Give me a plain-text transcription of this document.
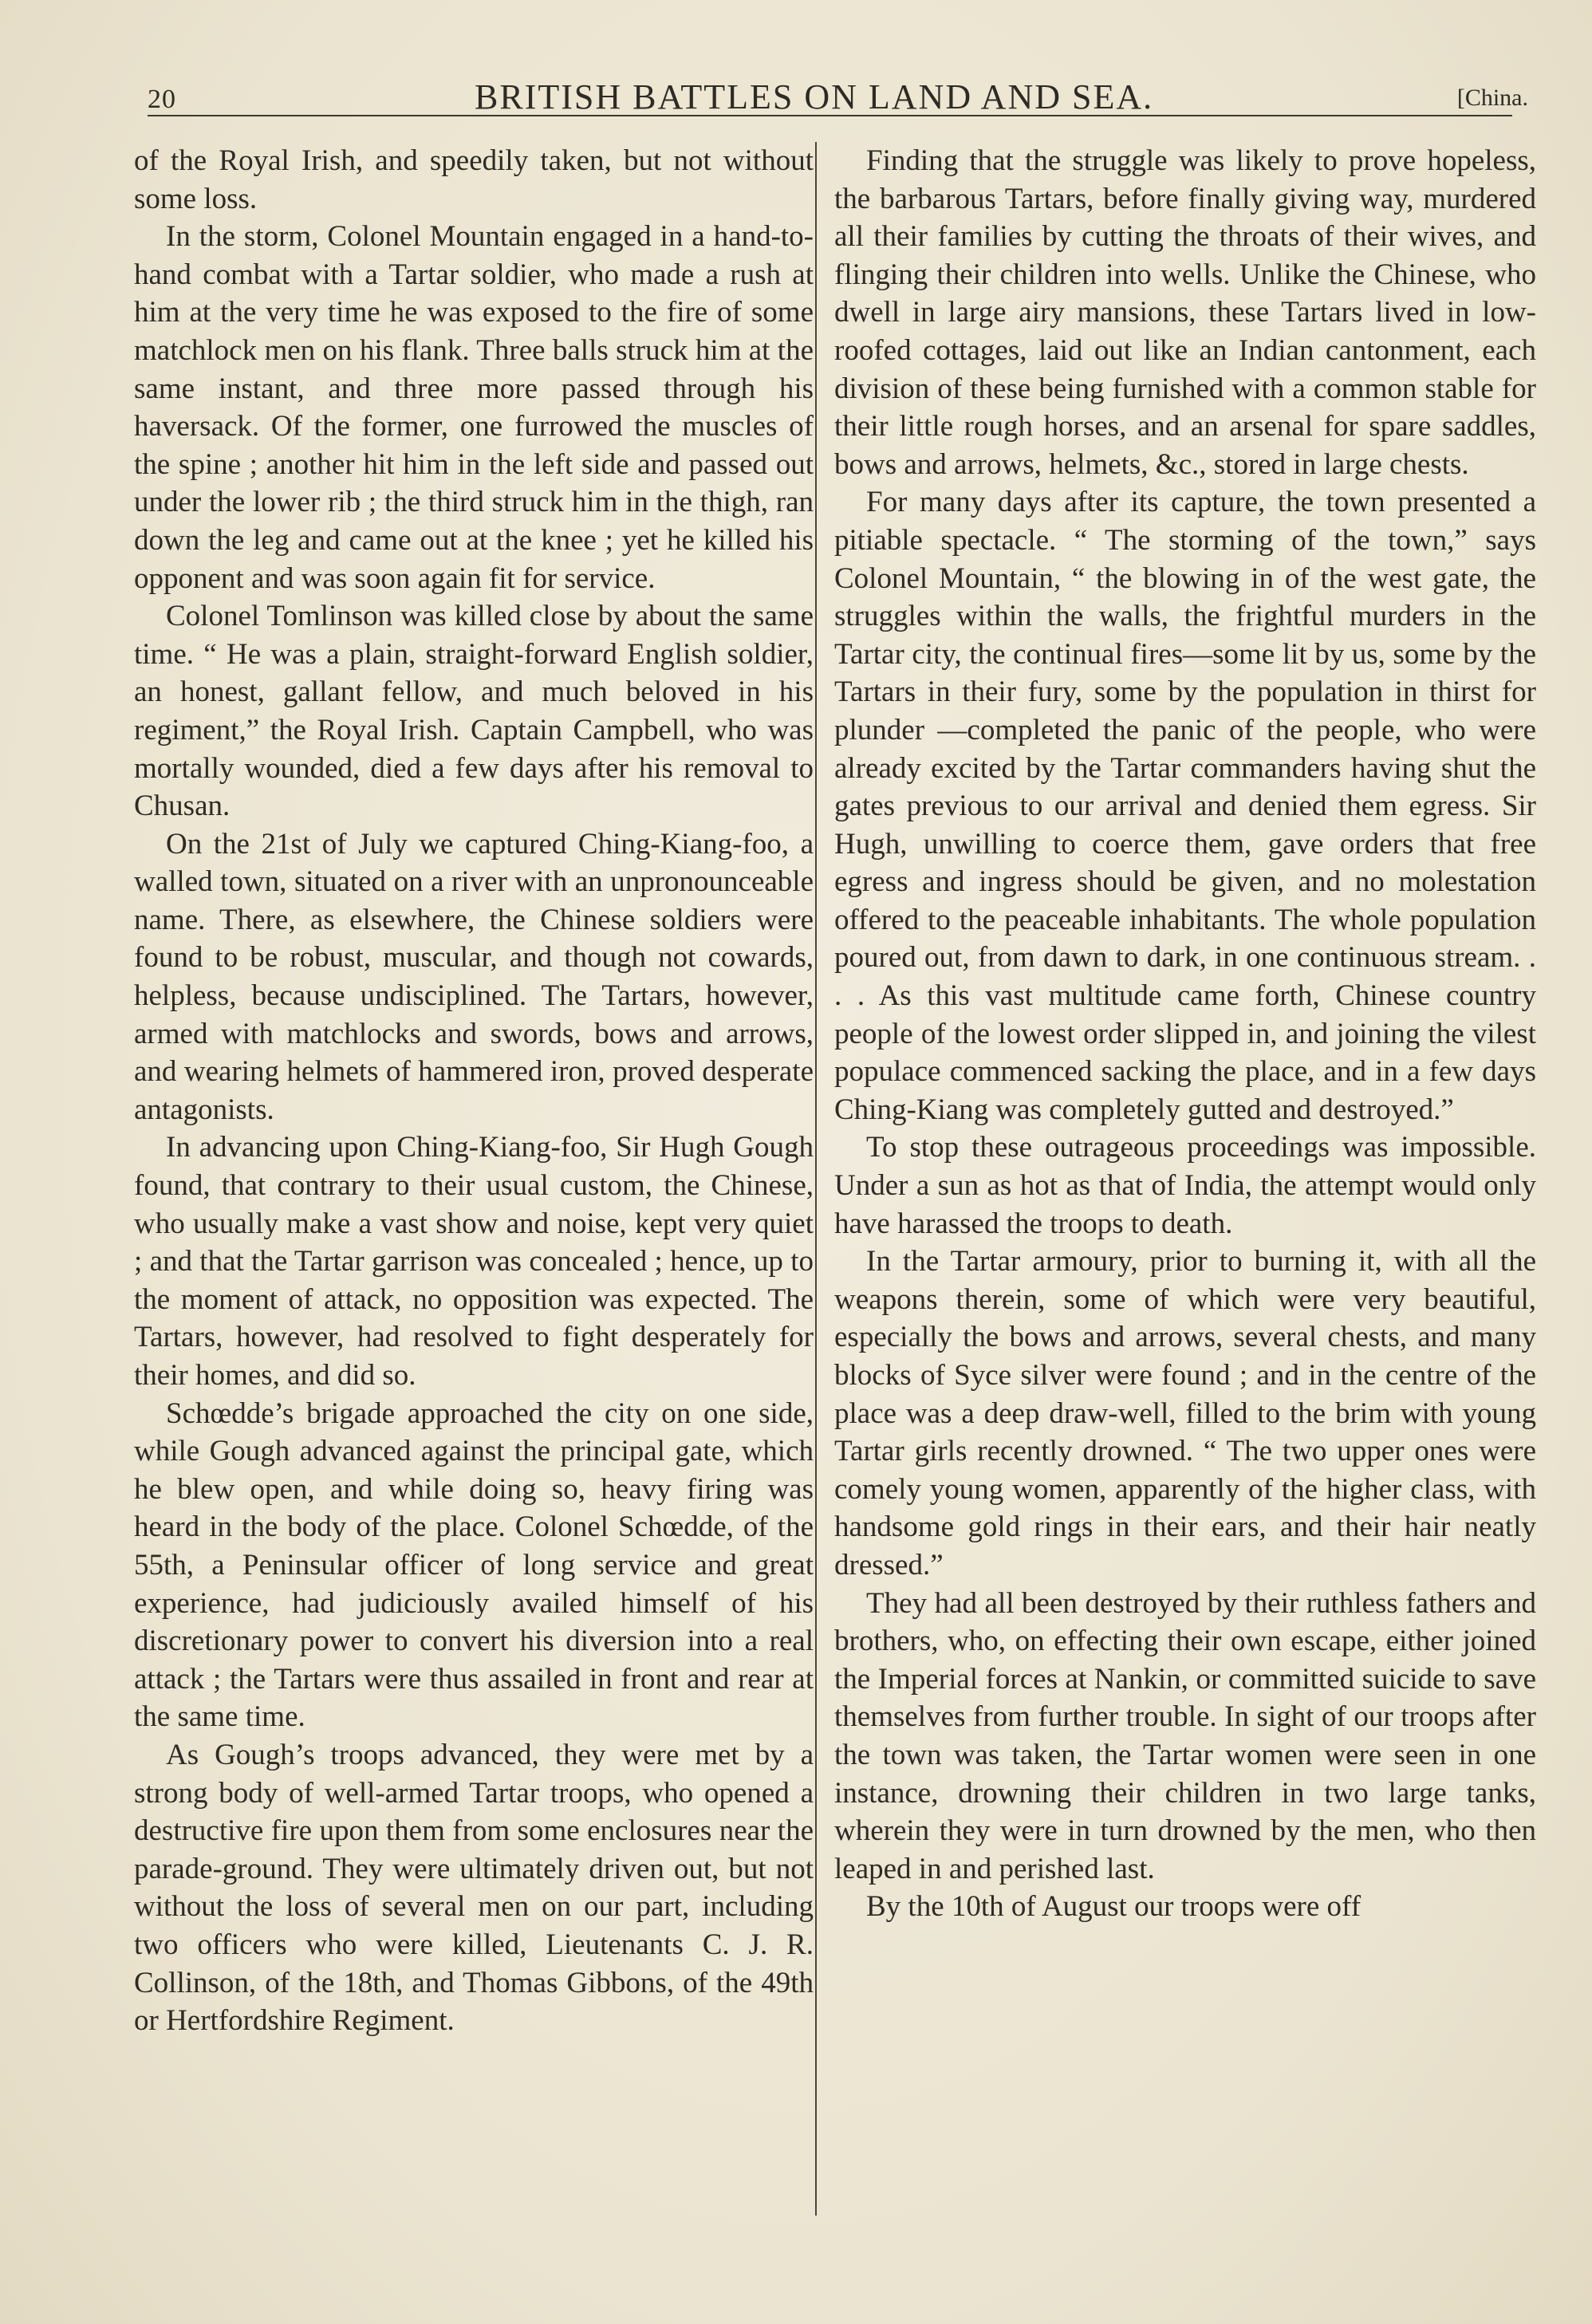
20	BRITISH BATTLES ON LAND AND SEA.	[China.

of the Royal Irish, and speedily taken, but not without some loss.

In the storm, Colonel Mountain engaged in a hand-to-hand combat with a Tartar soldier, who made a rush at him at the very time he was exposed to the fire of some matchlock men on his flank. Three balls struck him at the same instant, and three more passed through his haversack. Of the former, one furrowed the muscles of the spine ; another hit him in the left side and passed out under the lower rib ; the third struck him in the thigh, ran down the leg and came out at the knee ; yet he killed his opponent and was soon again fit for service.

Colonel Tomlinson was killed close by about the same time. “ He was a plain, straight-forward English soldier, an honest, gallant fellow, and much beloved in his regiment,” the Royal Irish. Captain Campbell, who was mortally wounded, died a few days after his removal to Chusan.

On the 21st of July we captured Ching-Kiang-foo, a walled town, situated on a river with an unpronounceable name. There, as elsewhere, the Chinese soldiers were found to be robust, muscular, and though not cowards, helpless, because undisciplined. The Tartars, however, armed with matchlocks and swords, bows and arrows, and wearing helmets of hammered iron, proved desperate antagonists.

In advancing upon Ching-Kiang-foo, Sir Hugh Gough found, that contrary to their usual custom, the Chinese, who usually make a vast show and noise, kept very quiet ; and that the Tartar garrison was concealed ; hence, up to the moment of attack, no opposition was expected. The Tartars, however, had resolved to fight desperately for their homes, and did so.

Schœdde’s brigade approached the city on one side, while Gough advanced against the principal gate, which he blew open, and while doing so, heavy firing was heard in the body of the place. Colonel Schœdde, of the 55th, a Peninsular officer of long service and great experience, had judiciously availed himself of his discretionary power to convert his diversion into a real attack ; the Tartars were thus assailed in front and rear at the same time.

As Gough’s troops advanced, they were met by a strong body of well-armed Tartar troops, who opened a destructive fire upon them from some enclosures near the parade-ground. They were ultimately driven out, but not without the loss of several men on our part, including two officers who were killed, Lieutenants C. J. R. Collinson, of the 18th, and Thomas Gibbons, of the 49th or Hertfordshire Regiment.

Finding that the struggle was likely to prove hopeless, the barbarous Tartars, before finally giving way, murdered all their families by cutting the throats of their wives, and flinging their children into wells. Unlike the Chinese, who dwell in large airy mansions, these Tartars lived in low-roofed cottages, laid out like an Indian cantonment, each division of these being furnished with a common stable for their little rough horses, and an arsenal for spare saddles, bows and arrows, helmets, &c., stored in large chests.

For many days after its capture, the town presented a pitiable spectacle. “ The storming of the town,” says Colonel Mountain, “ the blowing in of the west gate, the struggles within the walls, the frightful murders in the Tartar city, the continual fires—some lit by us, some by the Tartars in their fury, some by the population in thirst for plunder —completed the panic of the people, who were already excited by the Tartar commanders having shut the gates previous to our arrival and denied them egress. Sir Hugh, unwilling to coerce them, gave orders that free egress and ingress should be given, and no molestation offered to the peaceable inhabitants. The whole population poured out, from dawn to dark, in one continuous stream. . . . As this vast multitude came forth, Chinese country people of the lowest order slipped in, and joining the vilest populace commenced sacking the place, and in a few days Ching-Kiang was completely gutted and destroyed.”

To stop these outrageous proceedings was impossible. Under a sun as hot as that of India, the attempt would only have harassed the troops to death.

In the Tartar armoury, prior to burning it, with all the weapons therein, some of which were very beautiful, especially the bows and arrows, several chests, and many blocks of Syce silver were found ; and in the centre of the place was a deep draw-well, filled to the brim with young Tartar girls recently drowned. “ The two upper ones were comely young women, apparently of the higher class, with handsome gold rings in their ears, and their hair neatly dressed.”

They had all been destroyed by their ruthless fathers and brothers, who, on effecting their own escape, either joined the Imperial forces at Nankin, or committed suicide to save themselves from further trouble. In sight of our troops after the town was taken, the Tartar women were seen in one instance, drowning their children in two large tanks, wherein they were in turn drowned by the men, who then leaped in and perished last.

By the 10th of August our troops were off
